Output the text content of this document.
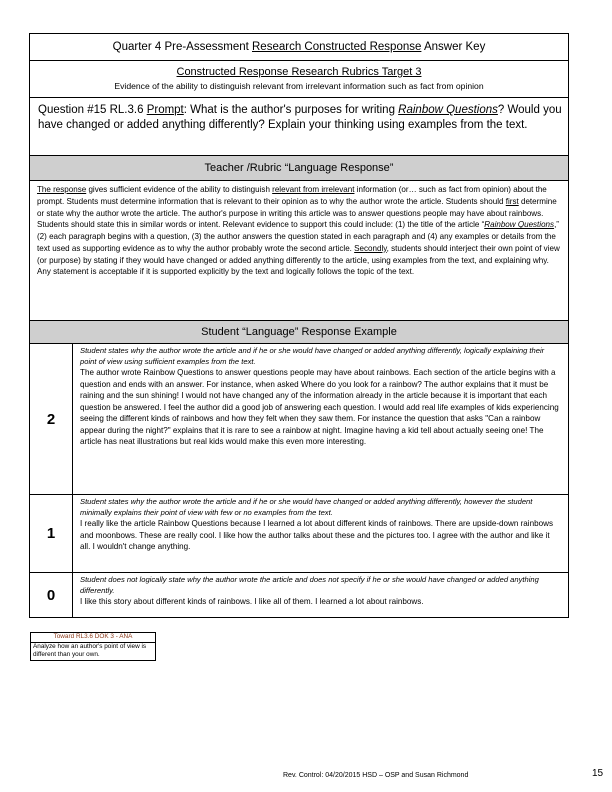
Quarter 4 Pre-Assessment Research Constructed Response Answer Key
Constructed Response Research Rubrics Target 3
Evidence of the ability to distinguish relevant from irrelevant information such as fact from opinion
Question #15 RL.3.6 Prompt: What is the author's purposes for writing Rainbow Questions? Would you have changed or added anything differently? Explain your thinking using examples from the text.
Teacher /Rubric “Language Response”
The response gives sufficient evidence of the ability to distinguish relevant from irrelevant information (or… such as fact from opinion) about the prompt. Students must determine information that is relevant to their opinion as to why the author wrote the article. Students should first determine or state why the author wrote the article. The author's purpose in writing this article was to answer questions people may have about rainbows. Students should state this in similar words or intent. Relevant evidence to support this could include: (1) the title of the article “Rainbow Questions,” (2) each paragraph begins with a question, (3) the author answers the question stated in each paragraph and (4) any examples or details from the text used as supporting evidence as to why the author probably wrote the second article. Secondly, students should interject their own point of view (or purpose) by stating if they would have changed or added anything differently to the article, using examples from the text, and explaining why. Any statement is acceptable if it is supported explicitly by the text and logically follows the topic of the text.
Student “Language” Response Example
2
Student states why the author wrote the article and if he or she would have changed or added anything differently, logically explaining their point of view using sufficient examples from the text.
The author wrote Rainbow Questions to answer questions people may have about rainbows. Each section of the article begins with a question and ends with an answer. For instance, when asked Where do you look for a rainbow? The author explains that it must be raining and the sun shining! I would not have changed any of the information already in the article because it is important that each question be answered. I feel the author did a good job of answering each question. I would add real life examples of kids experiencing seeing the different kinds of rainbows and how they felt when they saw them. For instance the question that asks "Can a rainbow appear during the night?" explains that it is rare to see a rainbow at night. Imagine having a kid tell about actually seeing one! The article has neat illustrations but real kids would make this even more interesting.
1
Student states why the author wrote the article and if he or she would have changed or added anything differently, however the student minimally explains their point of view with few or no examples from the text.
I really like the article Rainbow Questions because I learned a lot about different kinds of rainbows. There are upside-down rainbows and moonbows. These are really cool. I like how the author talks about these and the pictures too. I agree with the author and like it all. I wouldn't change anything.
0
Student does not logically state why the author wrote the article and does not specify if he or she would have changed or added anything differently.
I like this story about different kinds of rainbows. I like all of them. I learned a lot about rainbows.
Toward RL3.6 DOK 3 - ANA
Analyze how an author's point of view is different than your own.
Rev. Control: 04/20/2015 HSD – OSP and Susan Richmond	15
